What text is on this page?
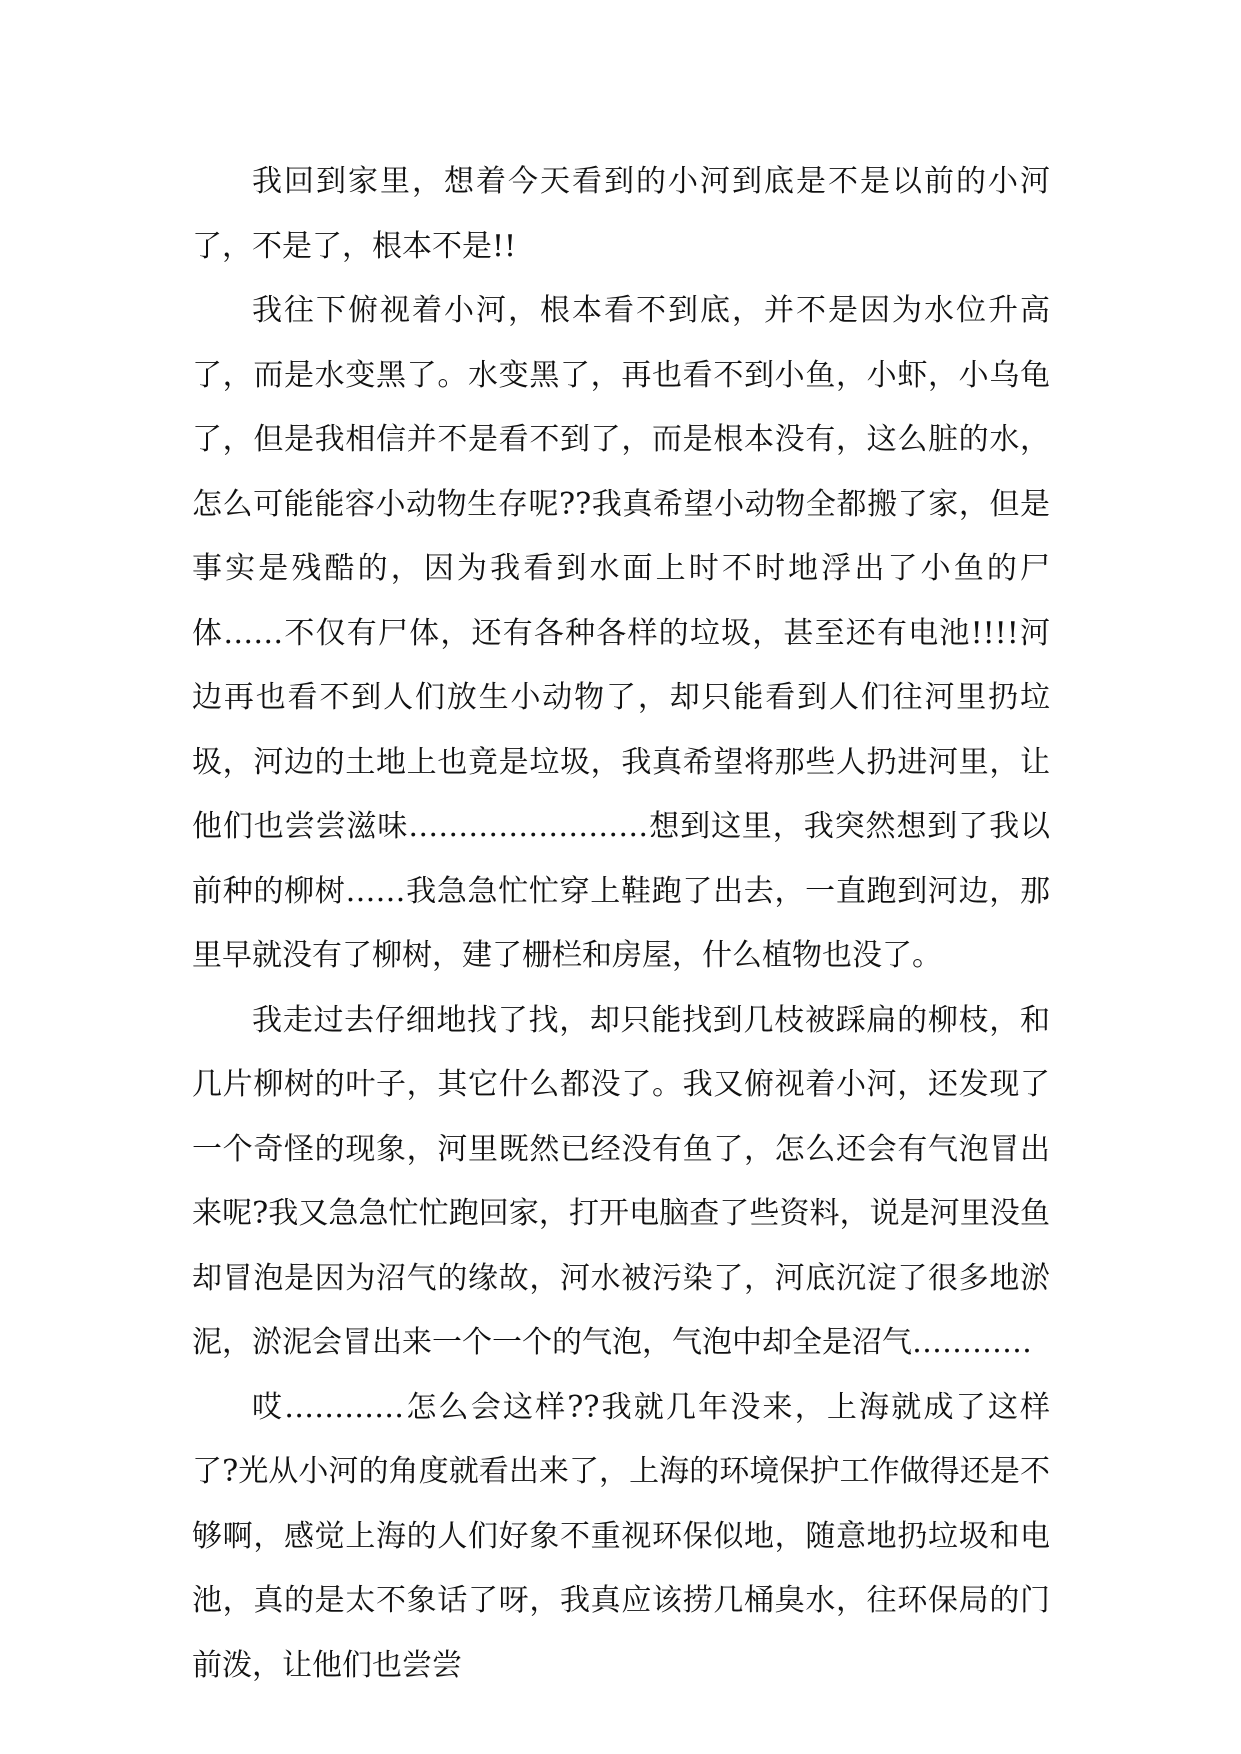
我回到家里，想着今天看到的小河到底是不是以前的小河了，不是了，根本不是!!

我往下俯视着小河，根本看不到底，并不是因为水位升高了，而是水变黑了。水变黑了，再也看不到小鱼，小虾，小乌龟了，但是我相信并不是看不到了，而是根本没有，这么脏的水，怎么可能能容小动物生存呢??我真希望小动物全都搬了家，但是事实是残酷的，因为我看到水面上时不时地浮出了小鱼的尸体……不仅有尸体，还有各种各样的垃圾，甚至还有电池!!!!河边再也看不到人们放生小动物了，却只能看到人们往河里扔垃圾，河边的土地上也竟是垃圾，我真希望将那些人扔进河里，让他们也尝尝滋味……………………想到这里，我突然想到了我以前种的柳树……我急急忙忙穿上鞋跑了出去，一直跑到河边，那里早就没有了柳树，建了栅栏和房屋，什么植物也没了。

我走过去仔细地找了找，却只能找到几枝被踩扁的柳枝，和几片柳树的叶子，其它什么都没了。我又俯视着小河，还发现了一个奇怪的现象，河里既然已经没有鱼了，怎么还会有气泡冒出来呢?我又急急忙忙跑回家，打开电脑查了些资料，说是河里没鱼却冒泡是因为沼气的缘故，河水被污染了，河底沉淀了很多地淤泥，淤泥会冒出来一个一个的气泡，气泡中却全是沼气…………

哎…………怎么会这样??我就几年没来，上海就成了这样了?光从小河的角度就看出来了，上海的环境保护工作做得还是不够啊，感觉上海的人们好象不重视环保似地，随意地扔垃圾和电池，真的是太不象话了呀，我真应该捞几桶臭水，往环保局的门前泼，让他们也尝尝
